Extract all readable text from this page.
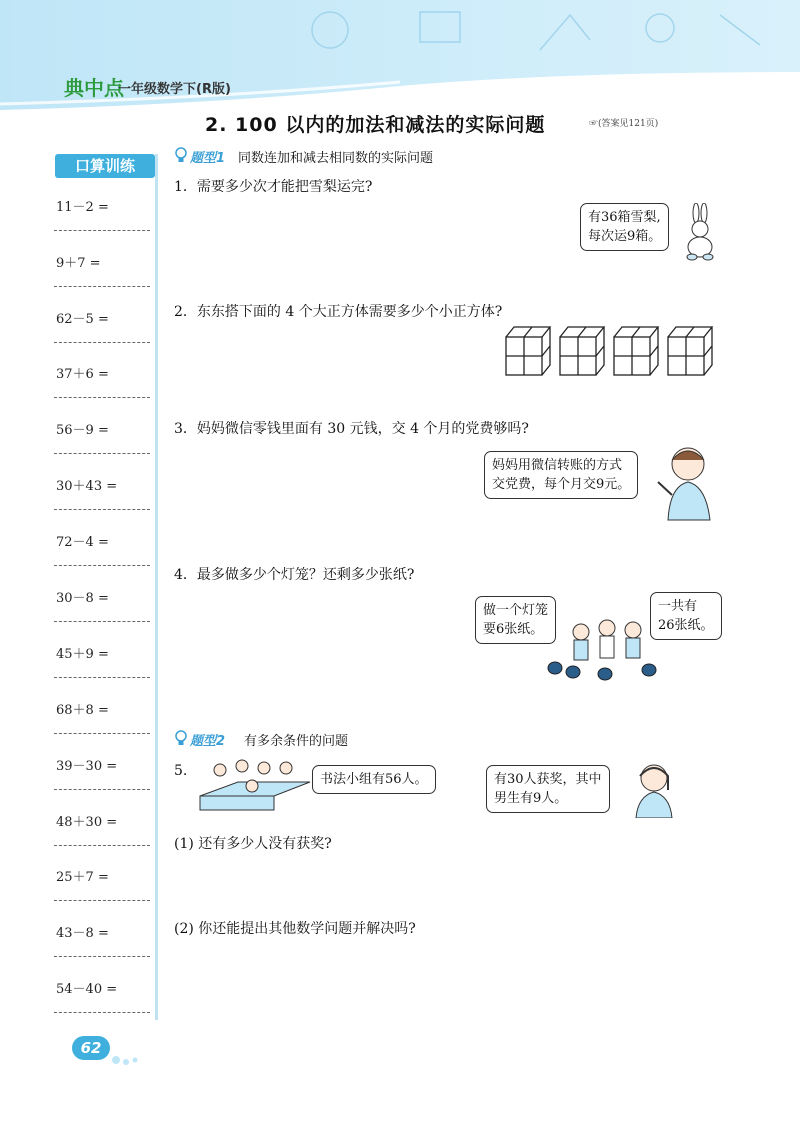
典中点
一年级数学下(R版)
2. 100 以内的加法和减法的实际问题	☞(答案见121页)
口算训练
11－2 =
9＋7 =
62－5 =
37＋6 =
56－9 =
30＋43 =
72－4 =
30－8 =
45＋9 =
68＋8 =
39－30 =
48＋30 =
25＋7 =
43－8 =
54－40 =
题型1 同数连加和减去相同数的实际问题
1．需要多少次才能把雪梨运完?
有36箱雪梨,
每次运9箱。
2．东东搭下面的 4 个大正方体需要多少个小正方体?
3．妈妈微信零钱里面有 30 元钱，交 4 个月的党费够吗?
妈妈用微信转账的方式
交党费，每个月交9元。
4．最多做多少个灯笼？还剩多少张纸?
做一个灯笼
要6张纸。
一共有
26张纸。
题型2 有多余条件的问题
5.
书法小组有56人。	有30人获奖，其中
男生有9人。
(1) 还有多少人没有获奖?
(2) 你还能提出其他数学问题并解决吗?
62
